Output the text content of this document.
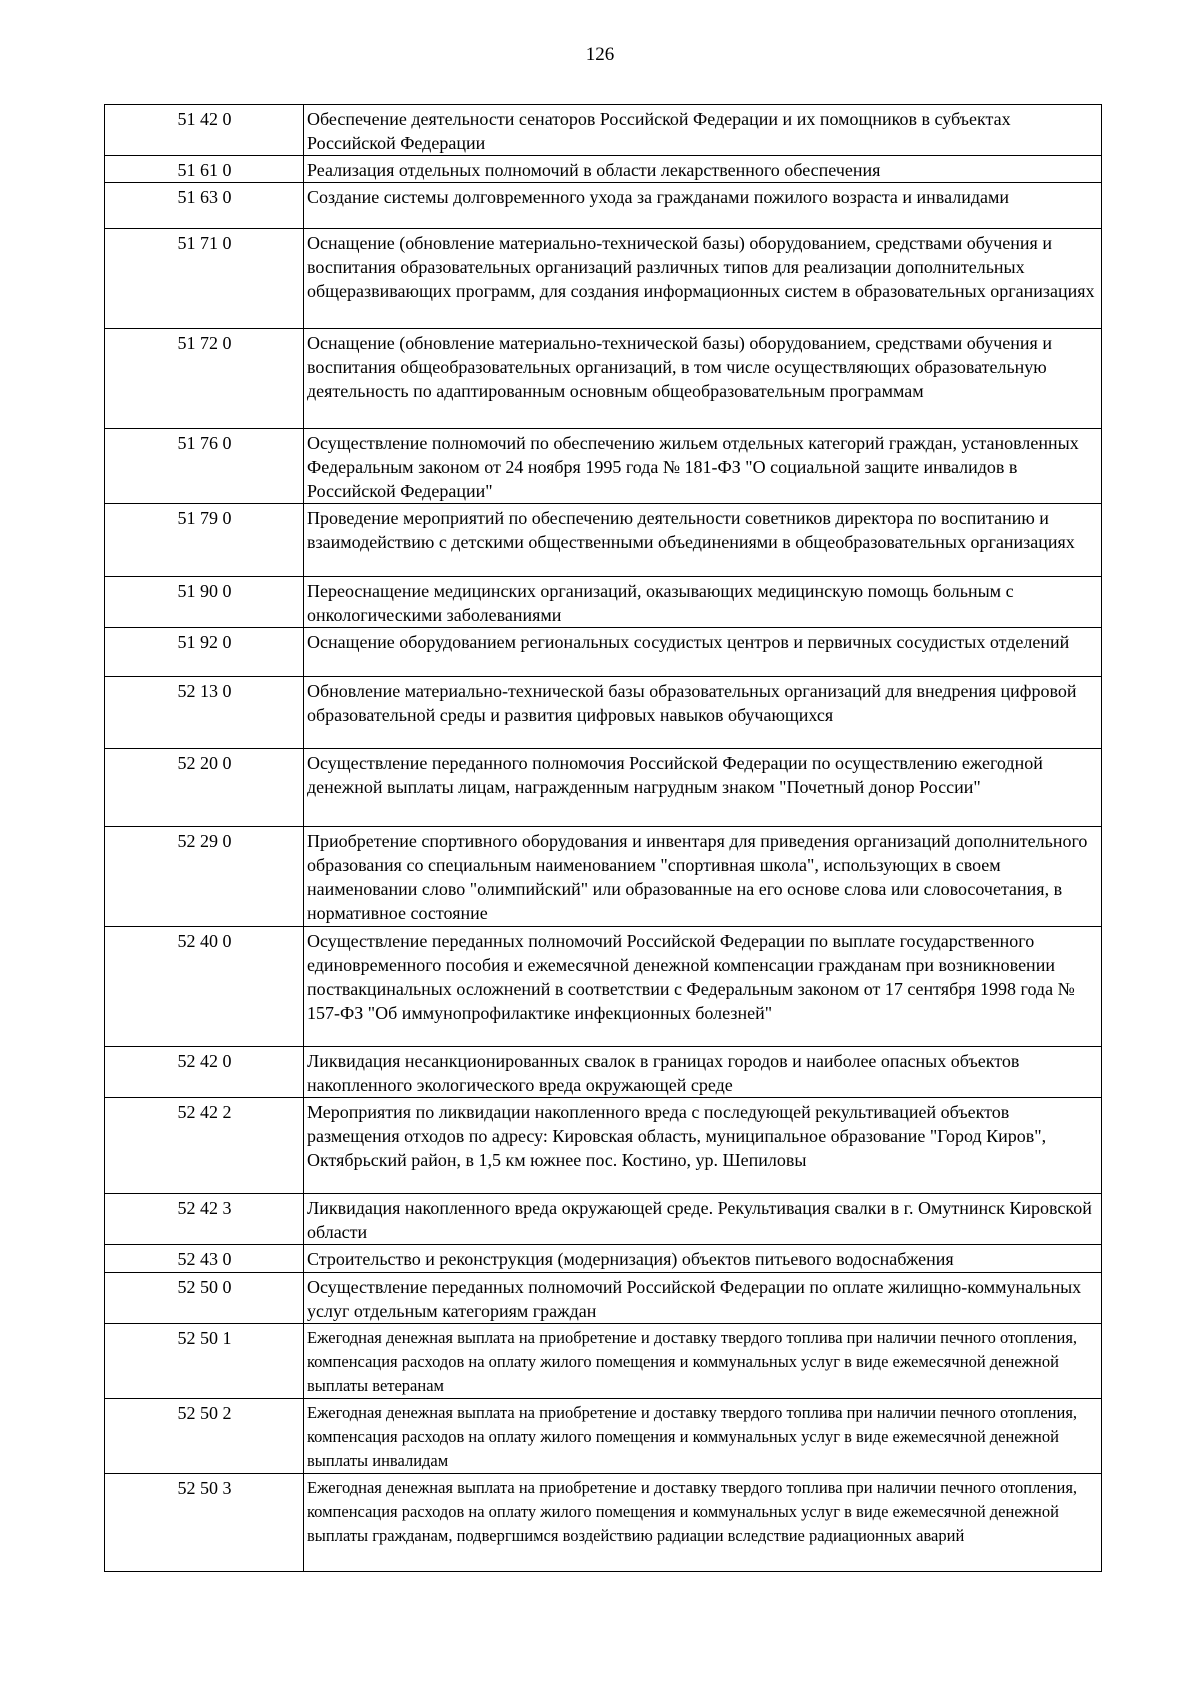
126
51 42 0	Обеспечение деятельности сенаторов Российской Федерации и их помощников в субъектах Российской Федерации
51 61 0	Реализация отдельных полномочий в области лекарственного обеспечения
51 63 0	Создание системы долговременного ухода за гражданами пожилого возраста и инвалидами
51 71 0	Оснащение (обновление материально-технической базы) оборудованием, средствами обучения и воспитания образовательных организаций различных типов для реализации дополнительных общеразвивающих программ, для создания информационных систем в образовательных организациях
51 72 0	Оснащение (обновление материально-технической базы) оборудованием, средствами обучения и воспитания общеобразовательных организаций, в том числе осуществляющих образовательную деятельность по адаптированным основным общеобразовательным программам
51 76 0	Осуществление полномочий по обеспечению жильем отдельных категорий граждан, установленных Федеральным законом от 24 ноября 1995 года № 181-ФЗ "О социальной защите инвалидов в Российской Федерации"
51 79 0	Проведение мероприятий по обеспечению деятельности советников директора по воспитанию и взаимодействию с детскими общественными объединениями в общеобразовательных организациях
51 90 0	Переоснащение медицинских организаций, оказывающих медицинскую помощь больным с онкологическими заболеваниями
51 92 0	Оснащение оборудованием региональных сосудистых центров и первичных сосудистых отделений
52 13 0	Обновление материально-технической базы образовательных организаций для внедрения цифровой образовательной среды и развития цифровых навыков обучающихся
52 20 0	Осуществление переданного полномочия Российской Федерации по осуществлению ежегодной денежной выплаты лицам, награжденным нагрудным знаком "Почетный донор России"
52 29 0	Приобретение спортивного оборудования и инвентаря для приведения организаций дополнительного образования со специальным наименованием "спортивная школа", использующих в своем наименовании слово "олимпийский" или образованные на его основе слова или словосочетания, в нормативное состояние
52 40 0	Осуществление переданных полномочий Российской Федерации по выплате государственного единовременного пособия и ежемесячной денежной компенсации гражданам при возникновении поствакцинальных осложнений в соответствии с Федеральным законом от 17 сентября 1998 года № 157-ФЗ "Об иммунопрофилактике инфекционных болезней"
52 42 0	Ликвидация несанкционированных свалок в границах городов и наиболее опасных объектов накопленного экологического вреда окружающей среде
52 42 2	Мероприятия по ликвидации накопленного вреда с последующей рекультивацией объектов размещения отходов по адресу: Кировская область, муниципальное образование "Город Киров", Октябрьский район, в 1,5 км южнее пос. Костино, ур. Шепиловы
52 42 3	Ликвидация накопленного вреда окружающей среде. Рекультивация свалки в г. Омутнинск Кировской области
52 43 0	Строительство и реконструкция (модернизация) объектов питьевого водоснабжения
52 50 0	Осуществление переданных полномочий Российской Федерации по оплате жилищно-коммунальных услуг отдельным категориям граждан
52 50 1	Ежегодная денежная выплата на приобретение и доставку твердого топлива при наличии печного отопления, компенсация расходов на оплату жилого помещения и коммунальных услуг в виде ежемесячной денежной выплаты ветеранам
52 50 2	Ежегодная денежная выплата на приобретение и доставку твердого топлива при наличии печного отопления, компенсация расходов на оплату жилого помещения и коммунальных услуг в виде ежемесячной денежной выплаты инвалидам
52 50 3	Ежегодная денежная выплата на приобретение и доставку твердого топлива при наличии печного отопления, компенсация расходов на оплату жилого помещения и коммунальных услуг в виде ежемесячной денежной выплаты гражданам, подвергшимся воздействию радиации вследствие радиационных аварий
